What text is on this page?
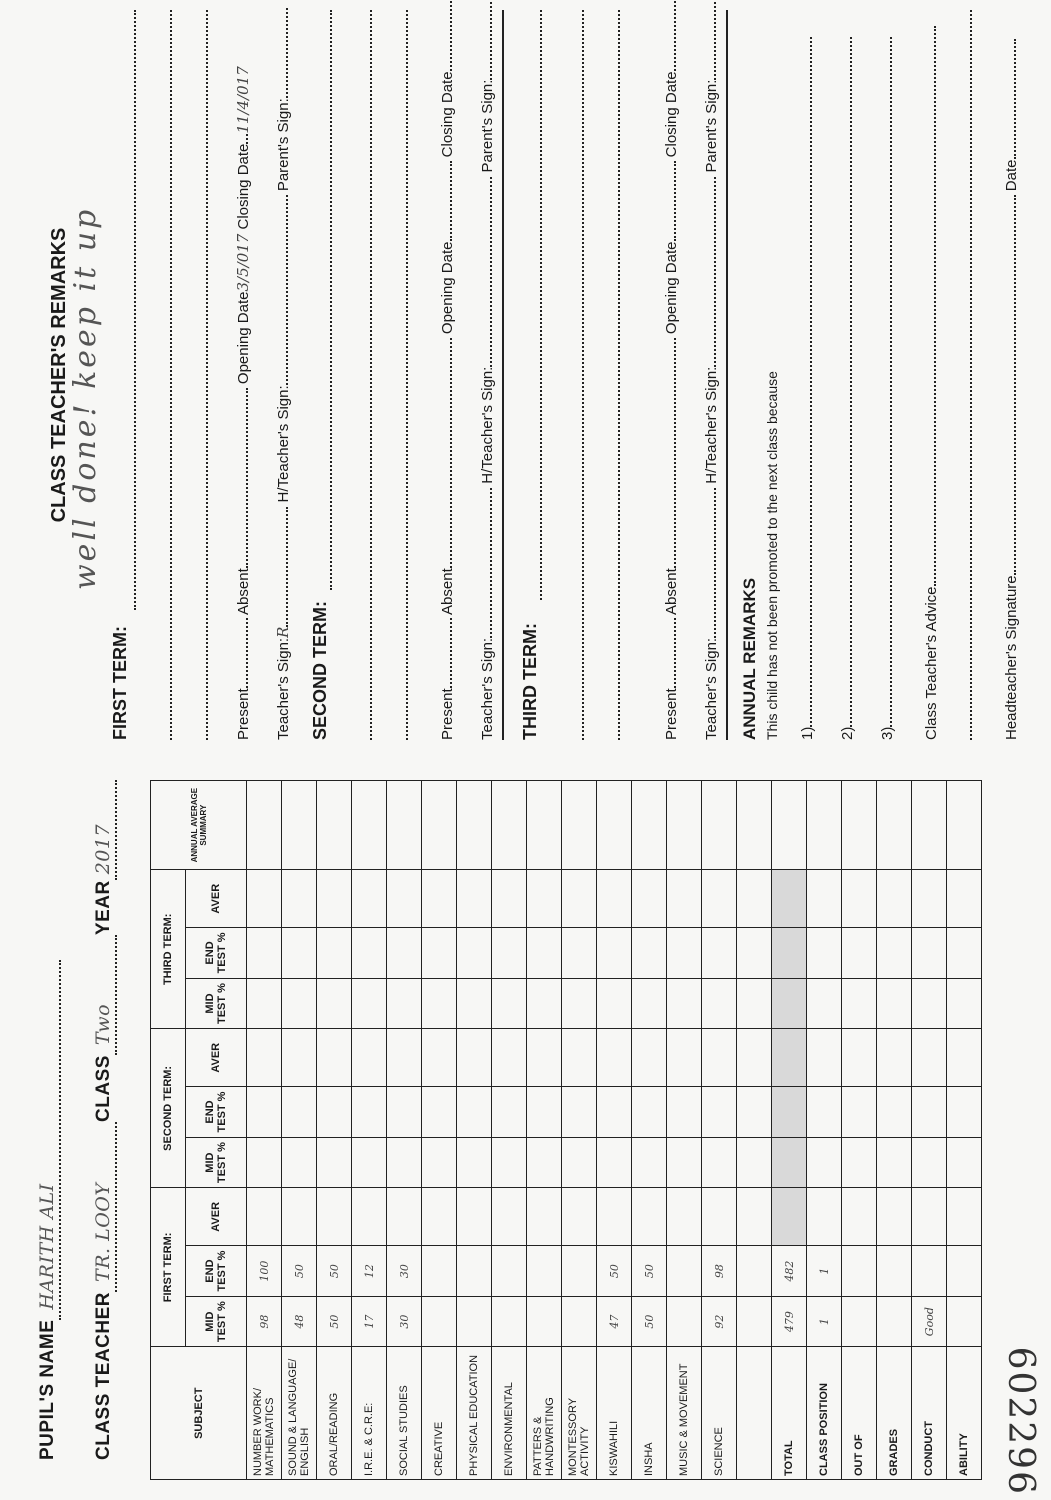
PUPIL'S NAMEHARITH ALI
CLASS TEACHERTR. LOOYCLASSTwoYEAR2017
SUBJECT	FIRST TERM:			SECOND TERM:			THIRD TERM:			ANNUAL AVERAGE SUMMARY
	MID TEST %	END TEST %	AVER	MID TEST %	END TEST %	AVER	MID TEST %	END TEST %	AVER	
NUMBER WORK/ MATHEMATICS	98	100								
SOUND & LANGUAGE/ ENGLISH	48	50								
ORAL/READING	50	50								
I.R.E. & C.R.E:	17	12								
SOCIAL STUDIES	30	30								
CREATIVE										
PHYSICAL EDUCATION										
ENVIRONMENTAL										
PATTERS & HANDWRITING										
MONTESSORY ACTIVITY										
KISWAHILI	47	50								
INSHA	50	50								
MUSIC & MOVEMENT										
SCIENCE	92	98								

TOTAL	479	482								
CLASS POSITION	1	1								
OUT OF										
GRADES										
CONDUCT	Good									
ABILITY										602296
CLASS TEACHER'S REMARKS
FIRST TERM:
well done! keep it up
Present Absent Opening Date3/5/017 Closing Date11/4/017
Teacher's Sign:R H/Teacher's Sign: Parent's Sign:
SECOND TERM:	Present Absent Opening Date Closing Date
Teacher's Sign: H/Teacher's Sign: Parent's Sign:
THIRD TERM:	Present Absent Opening Date Closing Date
Teacher's Sign: H/Teacher's Sign: Parent's Sign:
ANNUAL REMARKS This child has not been promoted to the next class because 1) 2) 3) Class Teacher's Advice	Headteacher's Signature Date
